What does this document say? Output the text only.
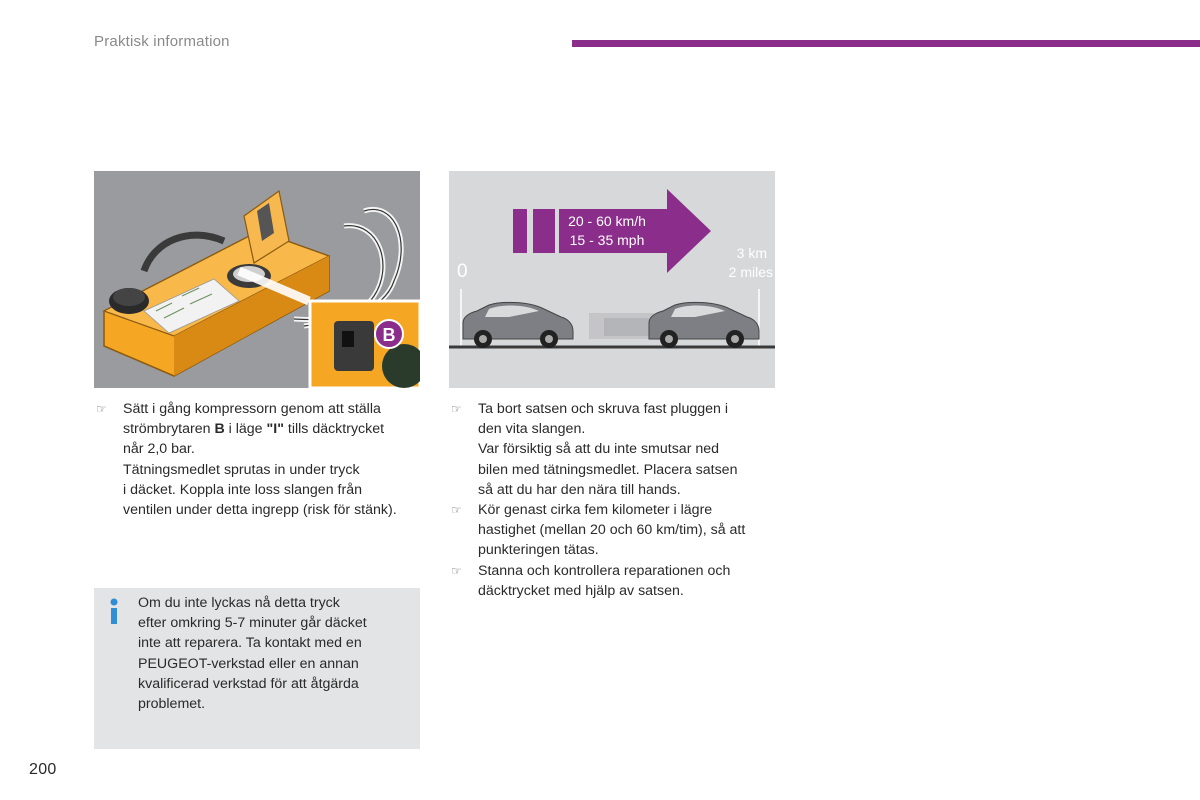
Praktisk information
B
20 - 60 km/h
15 - 35 mph
0
3 km
2 miles
☞ Sätt i gång kompressorn genom att ställa
strömbrytaren B i läge "I" tills däcktrycket
når 2,0 bar.
Tätningsmedlet sprutas in under tryck
i däcket. Koppla inte loss slangen från
ventilen under detta ingrepp (risk för stänk).
☞ Ta bort satsen och skruva fast pluggen i
den vita slangen.
Var försiktig så att du inte smutsar ned
bilen med tätningsmedlet. Placera satsen
så att du har den nära till hands.
☞ Kör genast cirka fem kilometer i lägre
hastighet (mellan 20 och 60 km/tim), så att
punkteringen tätas.
☞ Stanna och kontrollera reparationen och
däcktrycket med hjälp av satsen.
Om du inte lyckas nå detta tryck
efter omkring 5-7 minuter går däcket
inte att reparera. Ta kontakt med en
PEUGEOT-verkstad eller en annan
kvalificerad verkstad för att åtgärda
problemet.
200
